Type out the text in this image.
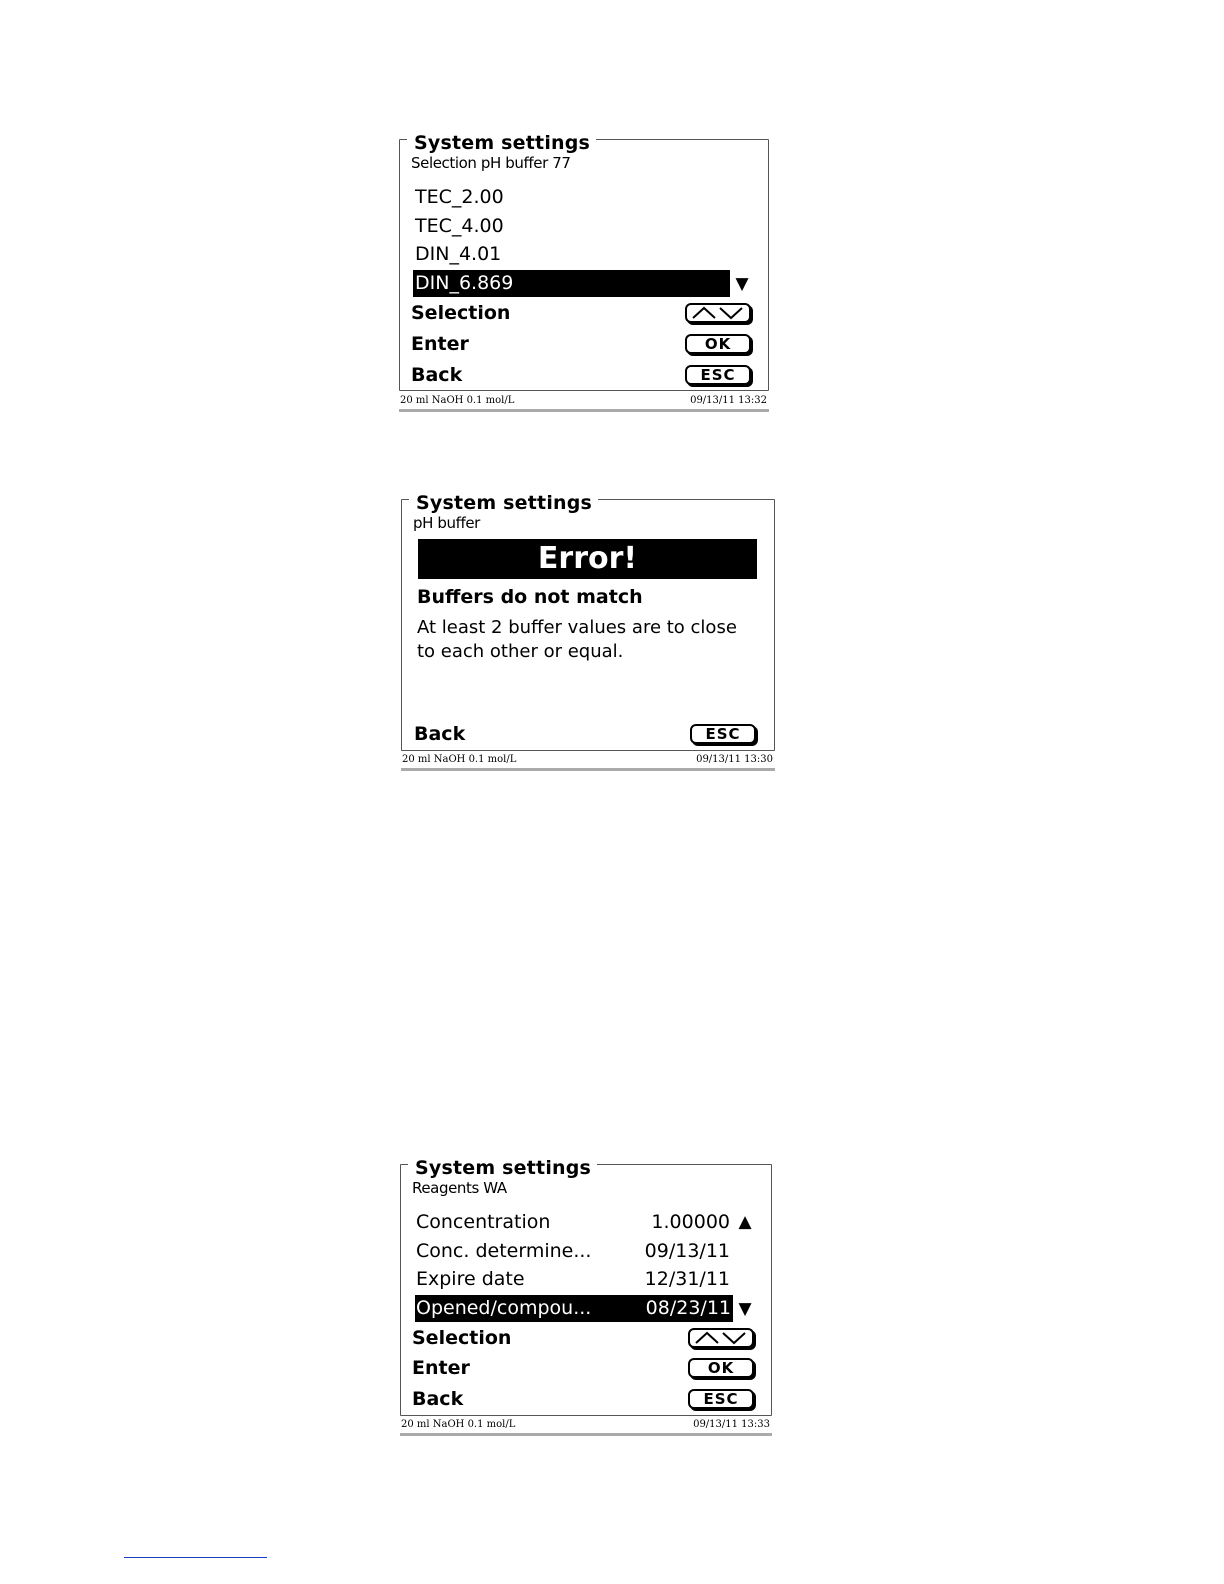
System settings
Selection pH buffer 77
TEC_2.00
TEC_4.00
DIN_4.01
DIN_6.869	▼
Selection
Enter	OK
Back	ESC
20 ml NaOH 0.1 mol/L	09/13/11 13:32
System settings
pH buffer
Error!
Buffers do not match
At least 2 buffer values are to close to each other or equal.
Back	ESC
20 ml NaOH 0.1 mol/L	09/13/11 13:30
System settings
Reagents WA
Concentration	1.00000 ▲
Conc. determine...	09/13/11
Expire date	12/31/11
Opened/compou...	08/23/11 ▼
Selection
Enter	OK
Back	ESC
20 ml NaOH 0.1 mol/L	09/13/11 13:33
